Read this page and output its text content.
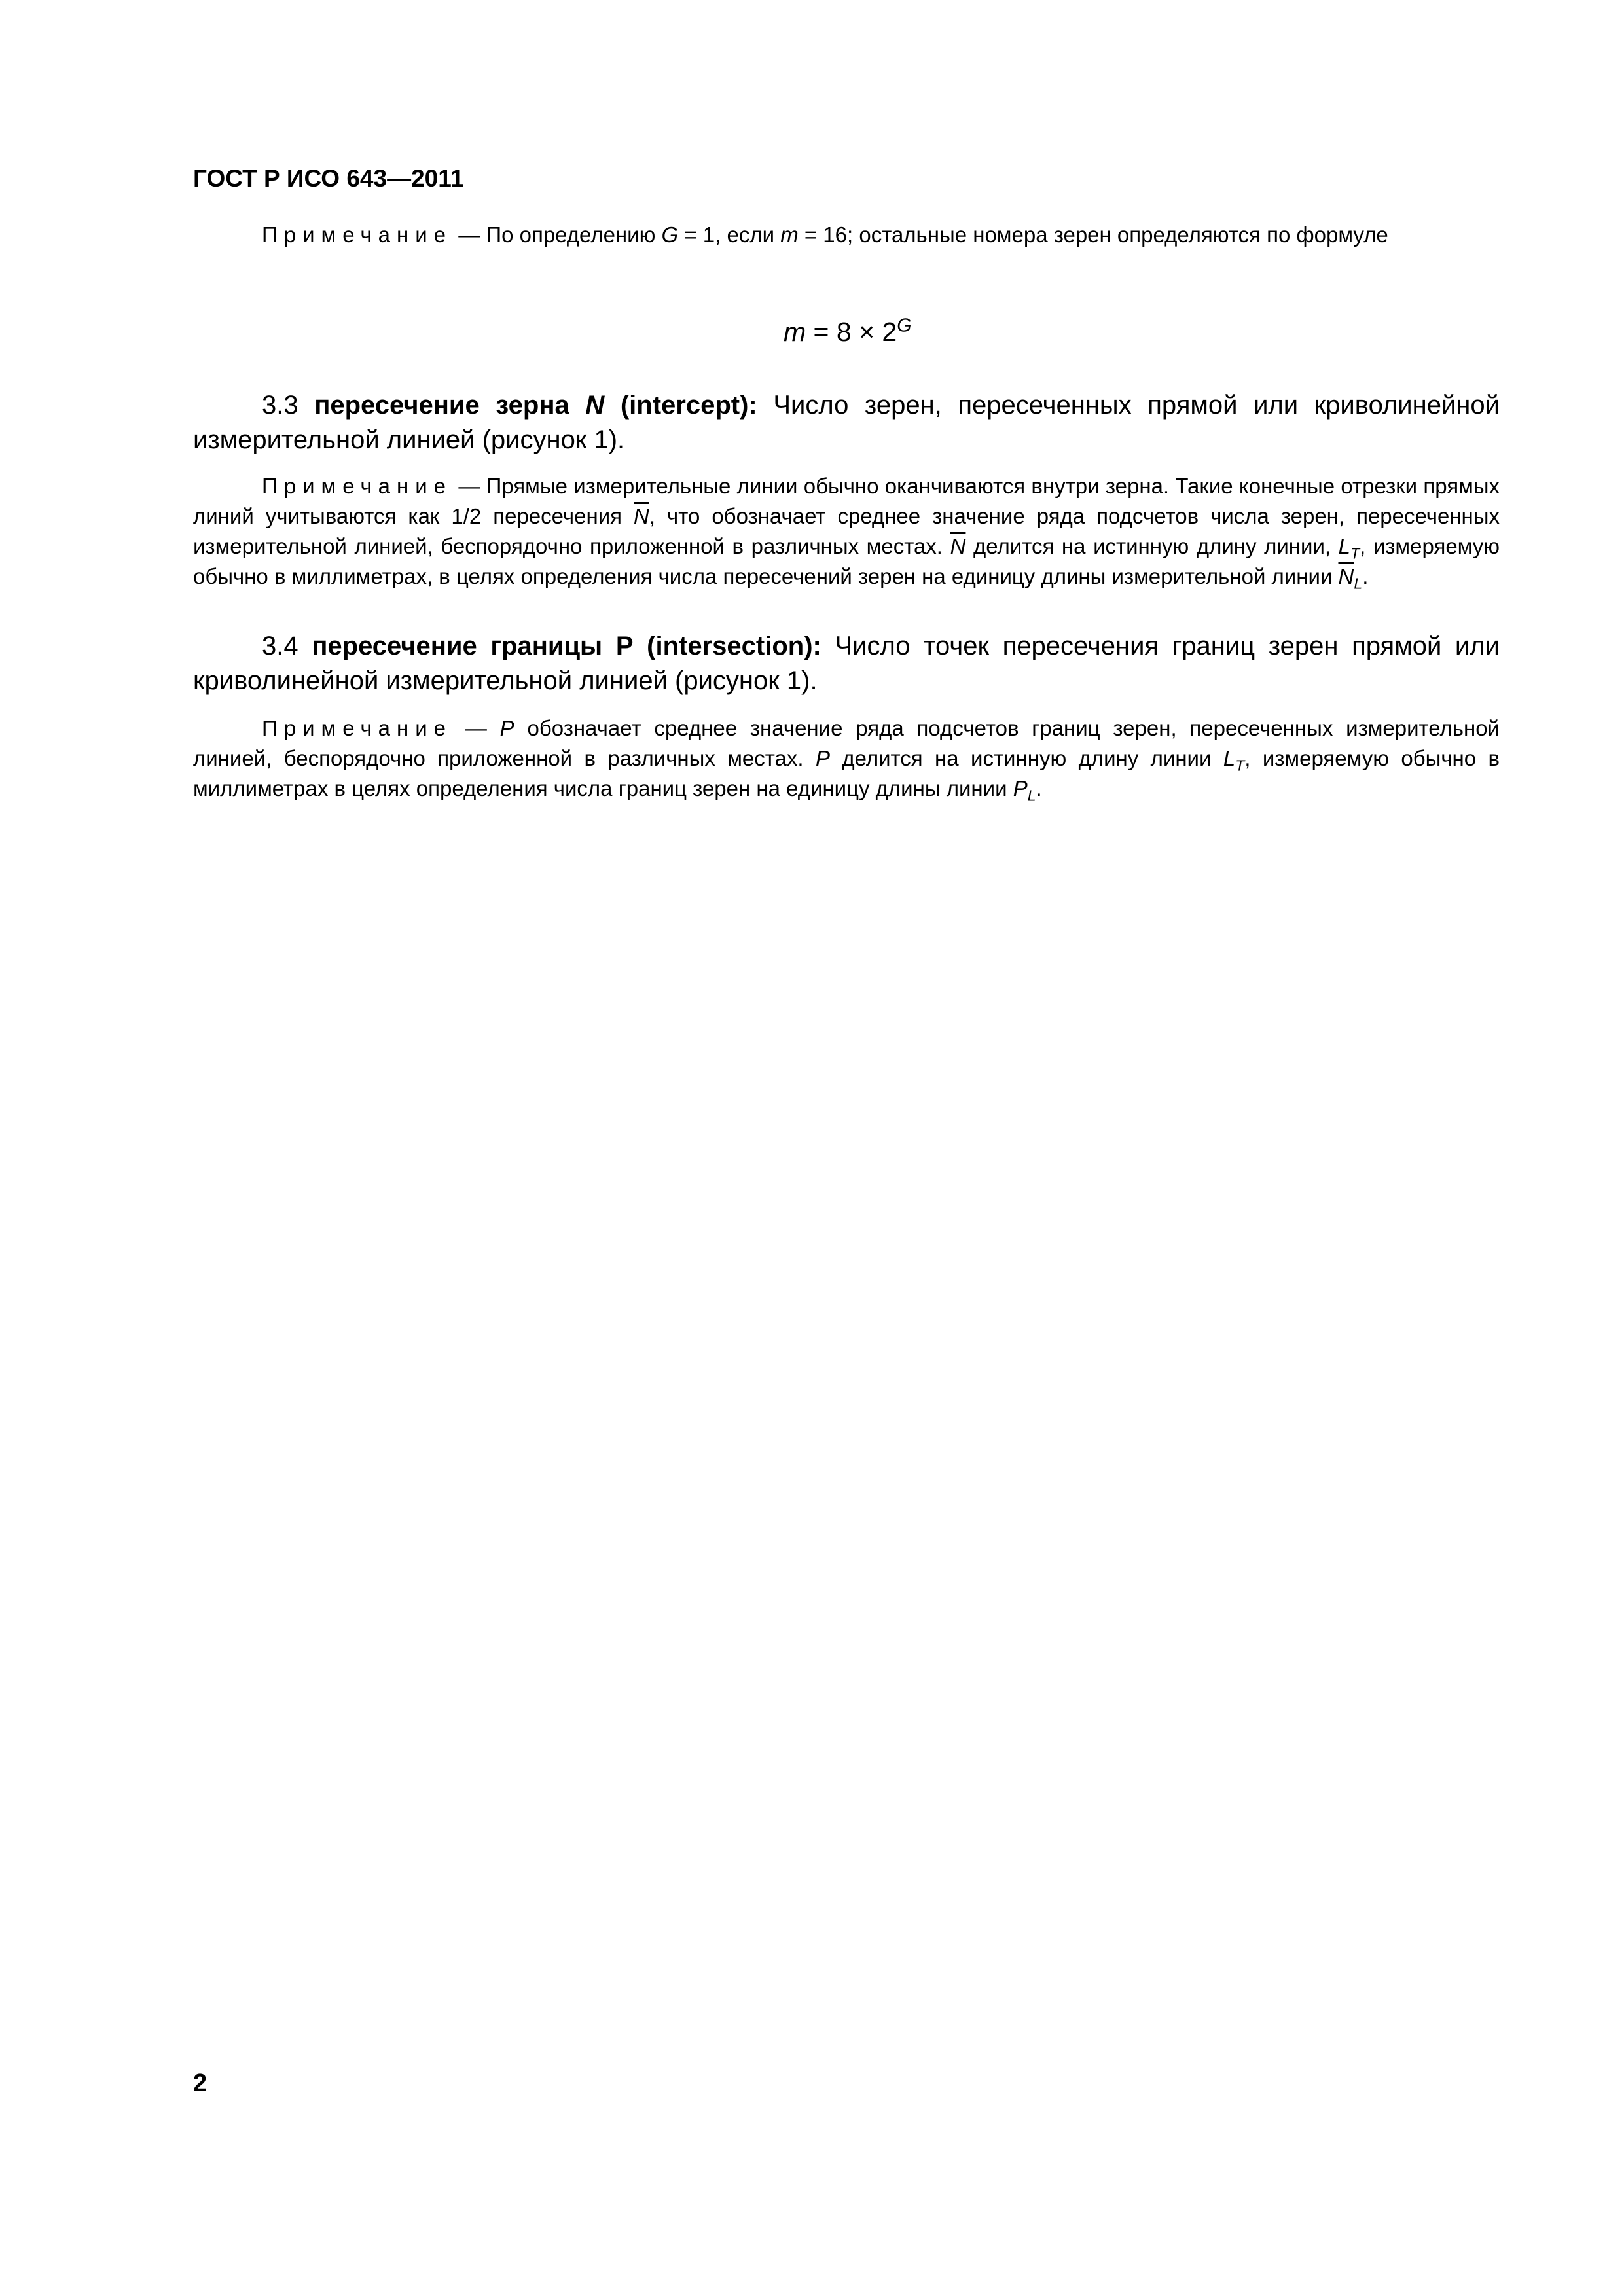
ГОСТ Р ИСО 643—2011

Примечание — По определению G = 1, если m = 16; остальные номера зерен определяются по формуле

$m = 8 \times 2^G$

3.3 пересечение зерна N (intercept): Число зерен, пересеченных прямой или криволинейной измерительной линией (рисунок 1).

Примечание — Прямые измерительные линии обычно оканчиваются внутри зерна. Такие конечные отрезки прямых линий учитываются как 1/2 пересечения $\overline{N}$, что обозначает среднее значение ряда подсчетов числа зерен, пересеченных измерительной линией, беспорядочно приложенной в различных местах. $\overline{N}$ делится на истинную длину линии, $L_T$, измеряемую обычно в миллиметрах, в целях определения числа пересечений зерен на единицу длины измерительной линии $\overline{N}_L$.

3.4 пересечение границы P (intersection): Число точек пересечения границ зерен прямой или криволинейной измерительной линией (рисунок 1).

Примечание — P обозначает среднее значение ряда подсчетов границ зерен, пересеченных измерительной линией, беспорядочно приложенной в различных местах. P делится на истинную длину линии $L_T$, измеряемую обычно в миллиметрах в целях определения числа границ зерен на единицу длины линии $P_L$.

2
